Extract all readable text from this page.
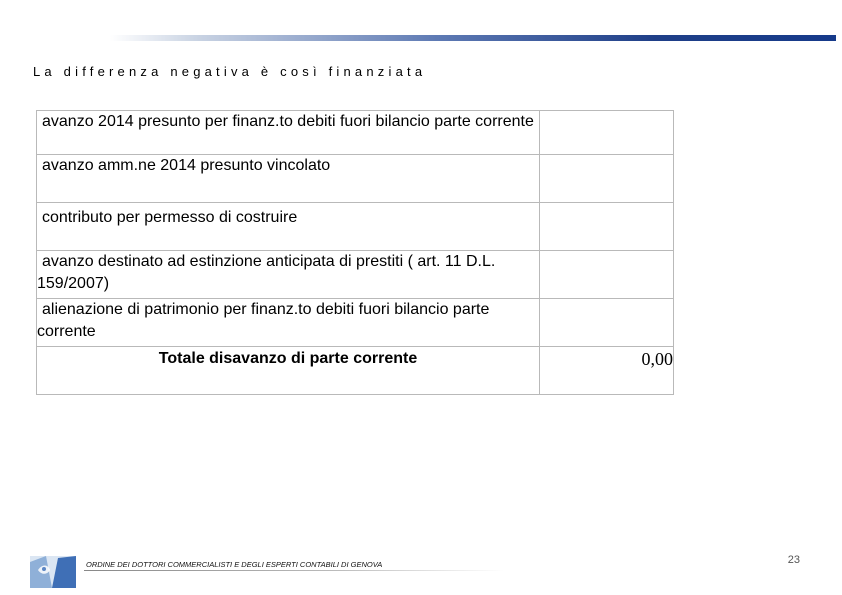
La differenza negativa è così finanziata
avanzo 2014 presunto per finanz.to debiti fuori bilancio parte corrente	
avanzo amm.ne 2014 presunto vincolato	
contributo per permesso di costruire	
avanzo destinato ad estinzione anticipata di prestiti ( art. 11 D.L. 159/2007)	
alienazione di patrimonio per finanz.to debiti fuori bilancio parte corrente	

Totale disavanzo di parte corrente	0,00
ORDINE DEI DOTTORI COMMERCIALISTI E DEGLI ESPERTI CONTABILI DI GENOVA	23
